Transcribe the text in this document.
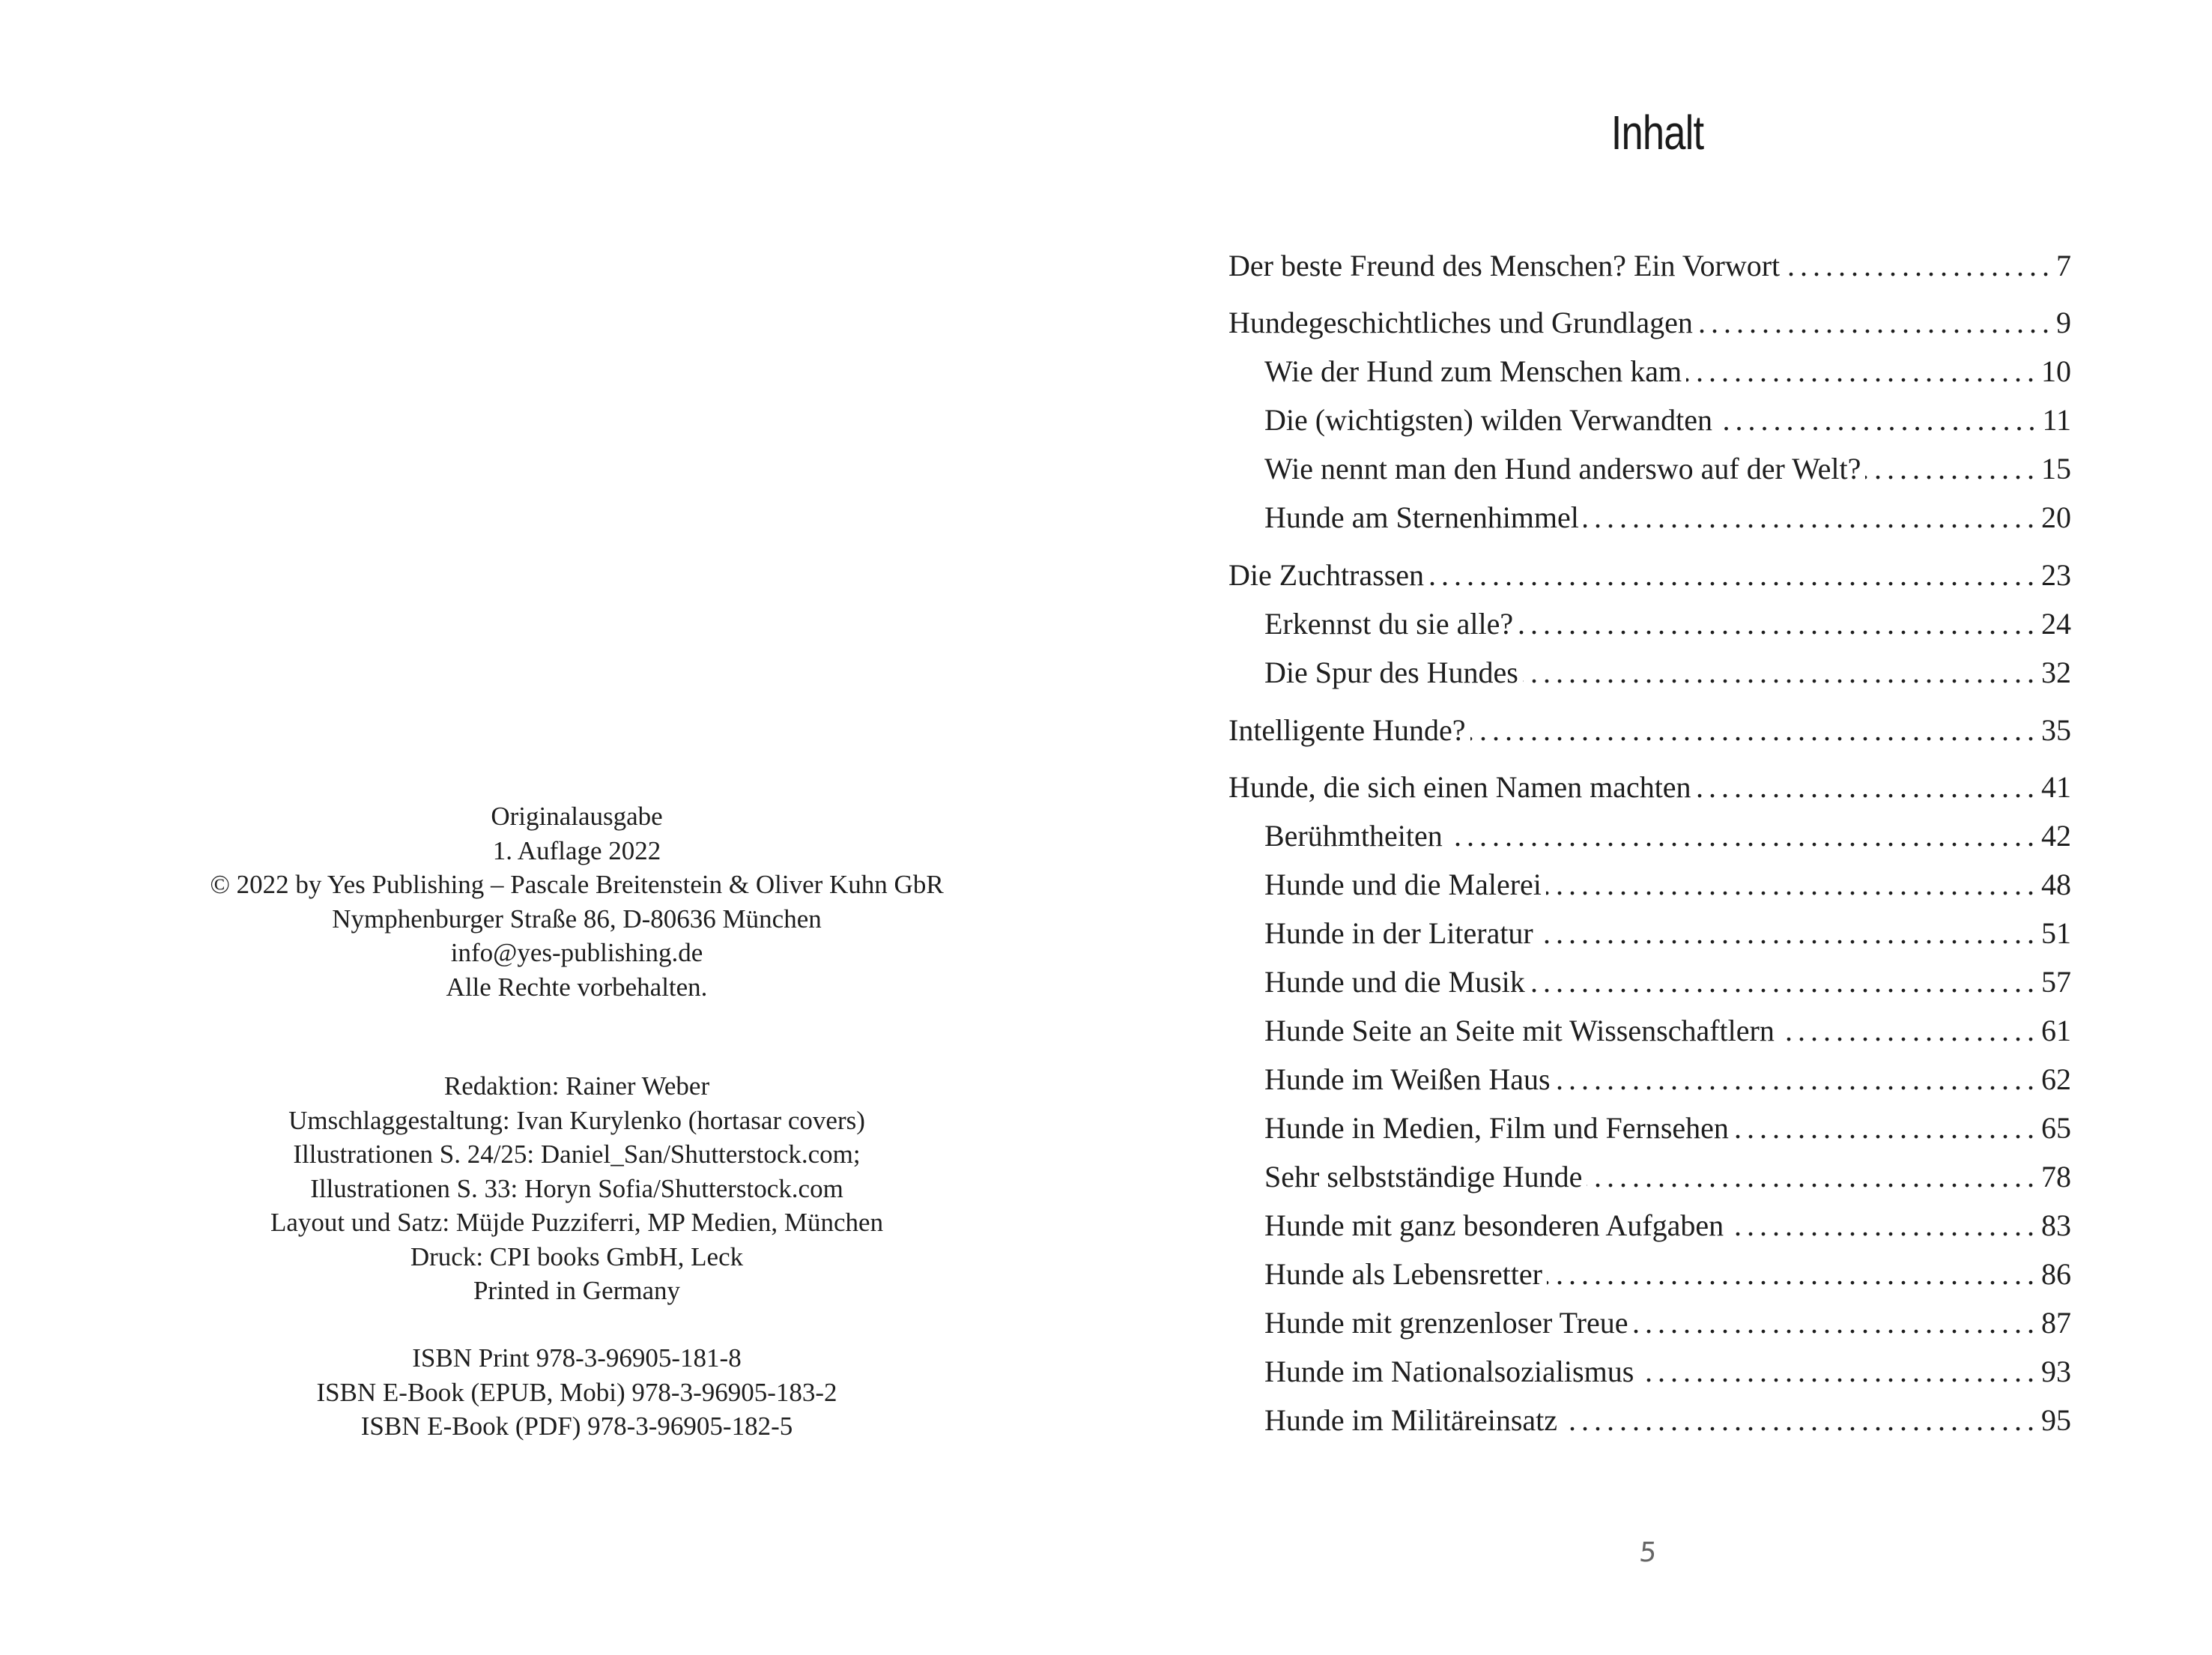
Originalausgabe
1. Auflage 2022
© 2022 by Yes Publishing – Pascale Breitenstein & Oliver Kuhn GbR
Nymphenburger Straße 86, D-80636 München
info@yes-publishing.de
Alle Rechte vorbehalten.
Redaktion: Rainer Weber
Umschlaggestaltung: Ivan Kurylenko (hortasar covers)
Illustrationen S. 24/25: Daniel_San/Shutterstock.com;
Illustrationen S. 33: Horyn Sofia/Shutterstock.com
Layout und Satz: Müjde Puzziferri, MP Medien, München
Druck: CPI books GmbH, Leck
Printed in Germany
ISBN Print 978-3-96905-181-8
ISBN E-Book (EPUB, Mobi) 978-3-96905-183-2
ISBN E-Book (PDF) 978-3-96905-182-5
Inhalt
Der beste Freund des Menschen? Ein Vorwort .....	7
Hundegeschichtliches und Grundlagen .....	9
Wie der Hund zum Menschen kam .....	10
Die (wichtigsten) wilden Verwandten .....	11
Wie nennt man den Hund anderswo auf der Welt? .....	15
Hunde am Sternenhimmel .....	20
Die Zuchtrassen .....	23
Erkennst du sie alle? .....	24
Die Spur des Hundes .....	32
Intelligente Hunde? .....	35
Hunde, die sich einen Namen machten .....	41
Berühmtheiten .....	42
Hunde und die Malerei .....	48
Hunde in der Literatur .....	51
Hunde und die Musik .....	57
Hunde Seite an Seite mit Wissenschaftlern .....	61
Hunde im Weißen Haus .....	62
Hunde in Medien, Film und Fernsehen .....	65
Sehr selbstständige Hunde .....	78
Hunde mit ganz besonderen Aufgaben .....	83
Hunde als Lebensretter .....	86
Hunde mit grenzenloser Treue .....	87
Hunde im Nationalsozialismus .....	93
Hunde im Militäreinsatz .....	95
5
